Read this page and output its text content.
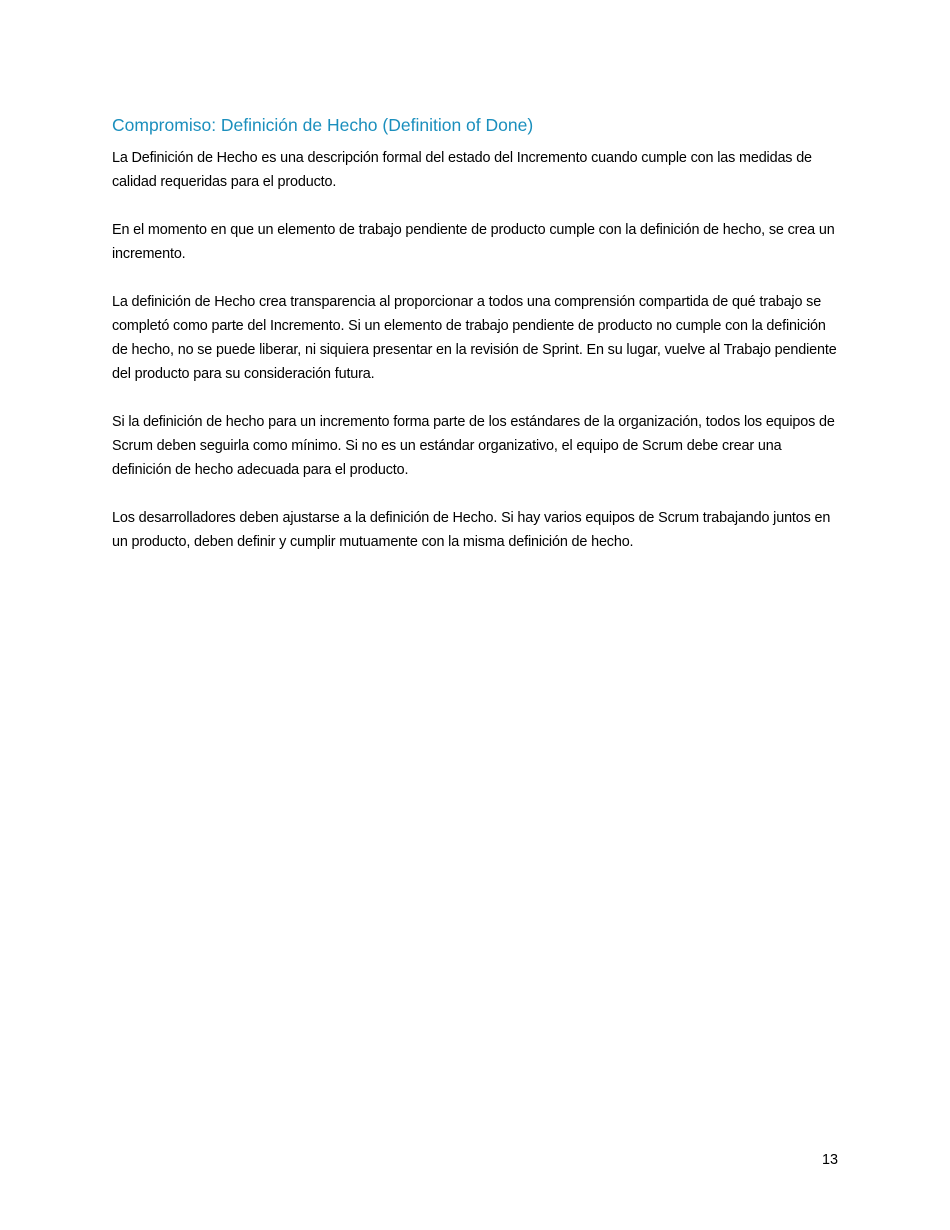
Compromiso: Definición de Hecho (Definition of Done)

La Definición de Hecho es una descripción formal del estado del Incremento cuando cumple con las medidas de calidad requeridas para el producto.

En el momento en que un elemento de trabajo pendiente de producto cumple con la definición de hecho, se crea un incremento.

La definición de Hecho crea transparencia al proporcionar a todos una comprensión compartida de qué trabajo se completó como parte del Incremento. Si un elemento de trabajo pendiente de producto no cumple con la definición de hecho, no se puede liberar, ni siquiera presentar en la revisión de Sprint. En su lugar, vuelve al Trabajo pendiente del producto para su consideración futura.

Si la definición de hecho para un incremento forma parte de los estándares de la organización, todos los equipos de Scrum deben seguirla como mínimo. Si no es un estándar organizativo, el equipo de Scrum debe crear una definición de hecho adecuada para el producto.

Los desarrolladores deben ajustarse a la definición de Hecho. Si hay varios equipos de Scrum trabajando juntos en un producto, deben definir y cumplir mutuamente con la misma definición de hecho.

13
